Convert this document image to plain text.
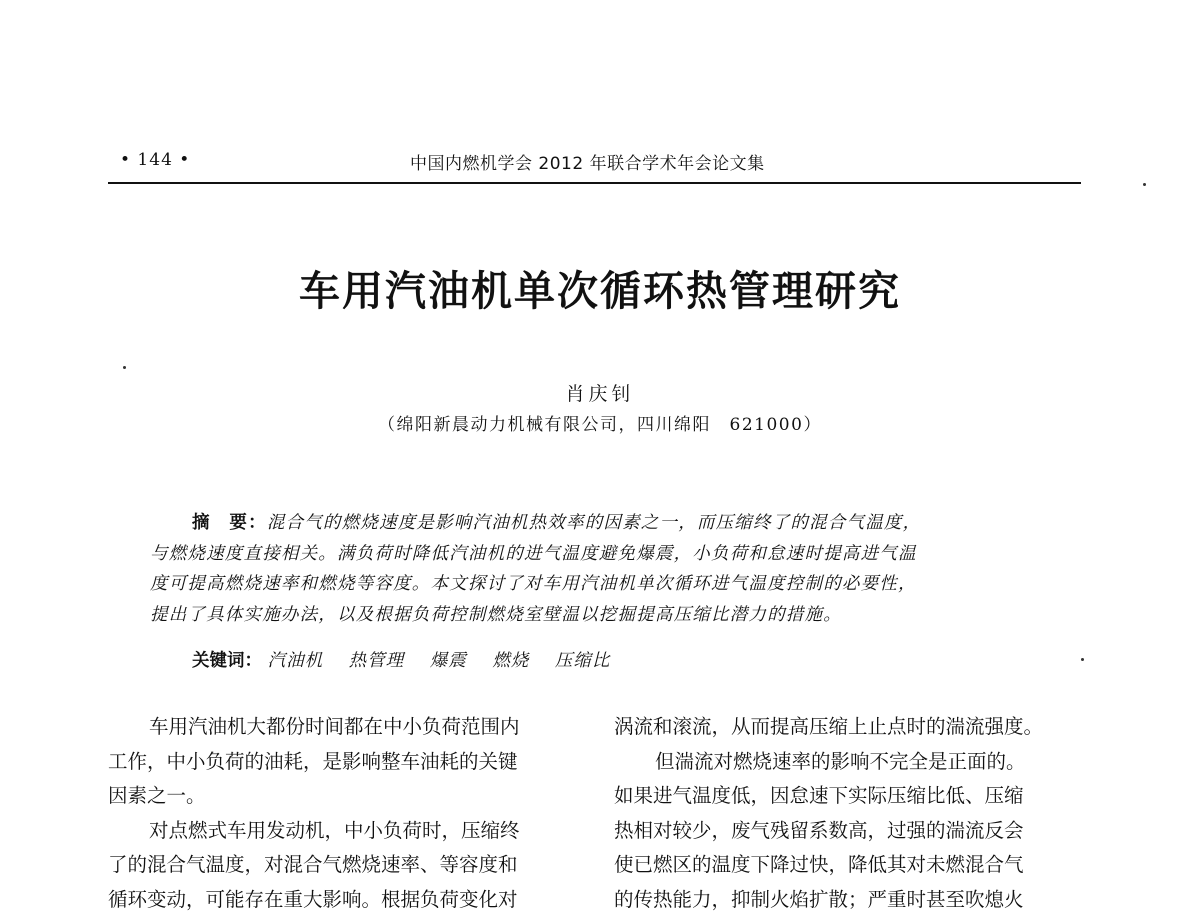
• 144 •	中国内燃机学会 2012 年联合学术年会论文集
车用汽油机单次循环热管理研究
肖庆钊
（绵阳新晨动力机械有限公司，四川绵阳　621000）
摘　要：混合气的燃烧速度是影响汽油机热效率的因素之一，而压缩终了的混合气温度，
与燃烧速度直接相关。满负荷时降低汽油机的进气温度避免爆震，小负荷和怠速时提高进气温
度可提高燃烧速率和燃烧等容度。本文探讨了对车用汽油机单次循环进气温度控制的必要性，
提出了具体实施办法，以及根据负荷控制燃烧室壁温以挖掘提高压缩比潜力的措施。
关键词： 汽油机 热管理 爆震 燃烧 压缩比
车用汽油机大都份时间都在中小负荷范围内
工作，中小负荷的油耗，是影响整车油耗的关键
因素之一。
对点燃式车用发动机，中小负荷时，压缩终
了的混合气温度，对混合气燃烧速率、等容度和
循环变动，可能存在重大影响。根据负荷变化对
涡流和滚流，从而提高压缩上止点时的湍流强度。
但湍流对燃烧速率的影响不完全是正面的。
如果进气温度低，因怠速下实际压缩比低、压缩
热相对较少，废气残留系数高，过强的湍流反会
使已燃区的温度下降过快，降低其对未燃混合气
的传热能力，抑制火焰扩散；严重时甚至吹熄火
